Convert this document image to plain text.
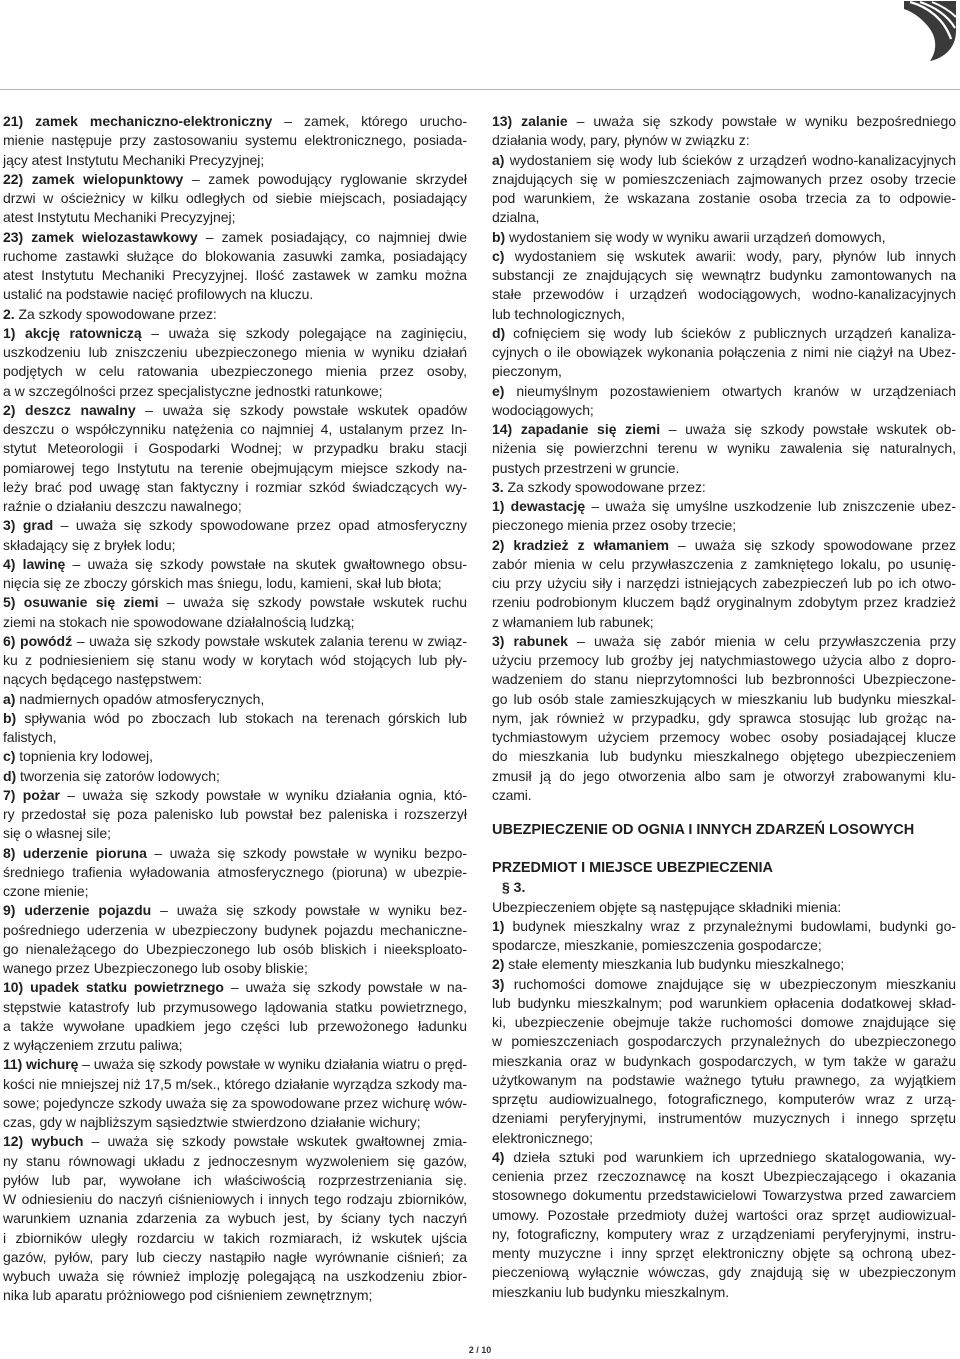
21) zamek mechaniczno-elektroniczny – zamek, którego urucho-
mienie następuje przy zastosowaniu systemu elektronicznego, posiada-
jący atest Instytutu Mechaniki Precyzyjnej;
22) zamek wielopunktowy – zamek powodujący ryglowanie skrzydeł
drzwi w ościeżnicy w kilku odległych od siebie miejscach, posiadający
atest Instytutu Mechaniki Precyzyjnej;
23) zamek wielozastawkowy – zamek posiadający, co najmniej dwie
ruchome zastawki służące do blokowania zasuwki zamka, posiadający
atest Instytutu Mechaniki Precyzyjnej. Ilość zastawek w zamku można
ustalić na podstawie nacięć profilowych na kluczu.
2. Za szkody spowodowane przez:
1) akcję ratowniczą – uważa się szkody polegające na zaginięciu,
uszkodzeniu lub zniszczeniu ubezpieczonego mienia w wyniku działań
podjętych w celu ratowania ubezpieczonego mienia przez osoby,
a w szczególności przez specjalistyczne jednostki ratunkowe;
2) deszcz nawalny – uważa się szkody powstałe wskutek opadów
deszczu o współczynniku natężenia co najmniej 4, ustalanym przez In-
stytut Meteorologii i Gospodarki Wodnej; w przypadku braku stacji
pomiarowej tego Instytutu na terenie obejmującym miejsce szkody na-
leży brać pod uwagę stan faktyczny i rozmiar szkód świadczących wy-
raźnie o działaniu deszczu nawalnego;
3) grad – uważa się szkody spowodowane przez opad atmosferyczny
składający się z bryłek lodu;
4) lawinę – uważa się szkody powstałe na skutek gwałtownego obsu-
nięcia się ze zboczy górskich mas śniegu, lodu, kamieni, skał lub błota;
5) osuwanie się ziemi – uważa się szkody powstałe wskutek ruchu
ziemi na stokach nie spowodowane działalnością ludzką;
6) powódź – uważa się szkody powstałe wskutek zalania terenu w związ-
ku z podniesieniem się stanu wody w korytach wód stojących lub pły-
nących będącego następstwem:
a) nadmiernych opadów atmosferycznych,
b) spływania wód po zboczach lub stokach na terenach górskich lub
falistych,
c) topnienia kry lodowej,
d) tworzenia się zatorów lodowych;
7) pożar – uważa się szkody powstałe w wyniku działania ognia, któ-
ry przedostał się poza palenisko lub powstał bez paleniska i rozszerzył
się o własnej sile;
8) uderzenie pioruna – uważa się szkody powstałe w wyniku bezpo-
średniego trafienia wyładowania atmosferycznego (pioruna) w ubezpie-
czone mienie;
9) uderzenie pojazdu – uważa się szkody powstałe w wyniku bez-
pośredniego uderzenia w ubezpieczony budynek pojazdu mechaniczne-
go nienależącego do Ubezpieczonego lub osób bliskich i nieeksploato-
wanego przez Ubezpieczonego lub osoby bliskie;
10) upadek statku powietrznego – uważa się szkody powstałe w na-
stępstwie katastrofy lub przymusowego lądowania statku powietrznego,
a także wywołane upadkiem jego części lub przewożonego ładunku
z wyłączeniem zrzutu paliwa;
11) wichurę – uważa się szkody powstałe w wyniku działania wiatru o pręd-
kości nie mniejszej niż 17,5 m/sek., którego działanie wyrządza szkody ma-
sowe; pojedyncze szkody uważa się za spowodowane przez wichurę wów-
czas, gdy w najbliższym sąsiedztwie stwierdzono działanie wichury;
12) wybuch – uważa się szkody powstałe wskutek gwałtownej zmia-
ny stanu równowagi układu z jednoczesnym wyzwoleniem się gazów,
pyłów lub par, wywołane ich właściwością rozprzestrzeniania się.
W odniesieniu do naczyń ciśnieniowych i innych tego rodzaju zbiorników,
warunkiem uznania zdarzenia za wybuch jest, by ściany tych naczyń
i zbiorników uległy rozdarciu w takich rozmiarach, iż wskutek ujścia
gazów, pyłów, pary lub cieczy nastąpiło nagłe wyrównanie ciśnień; za
wybuch uważa się również implozję polegającą na uszkodzeniu zbior-
nika lub aparatu próżniowego pod ciśnieniem zewnętrznym;
13) zalanie – uważa się szkody powstałe w wyniku bezpośredniego
działania wody, pary, płynów w związku z:
a) wydostaniem się wody lub ścieków z urządzeń wodno-kanalizacyjnych
znajdujących się w pomieszczeniach zajmowanych przez osoby trzecie
pod warunkiem, że wskazana zostanie osoba trzecia za to odpowie-
dzialna,
b) wydostaniem się wody w wyniku awarii urządzeń domowych,
c) wydostaniem się wskutek awarii: wody, pary, płynów lub innych
substancji ze znajdujących się wewnątrz budynku zamontowanych na
stałe przewodów i urządzeń wodociągowych, wodno-kanalizacyjnych
lub technologicznych,
d) cofnięciem się wody lub ścieków z publicznych urządzeń kanaliza-
cyjnych o ile obowiązek wykonania połączenia z nimi nie ciążył na Ubez-
pieczonym,
e) nieumyślnym pozostawieniem otwartych kranów w urządzeniach
wodociągowych;
14) zapadanie się ziemi – uważa się szkody powstałe wskutek ob-
niżenia się powierzchni terenu w wyniku zawalenia się naturalnych,
pustych przestrzeni w gruncie.
3. Za szkody spowodowane przez:
1) dewastację – uważa się umyślne uszkodzenie lub zniszczenie ubez-
pieczonego mienia przez osoby trzecie;
2) kradzież z włamaniem – uważa się szkody spowodowane przez
zabór mienia w celu przywłaszczenia z zamkniętego lokalu, po usunię-
ciu przy użyciu siły i narzędzi istniejących zabezpieczeń lub po ich otwo-
rzeniu podrobionym kluczem bądź oryginalnym zdobytym przez kradzież
z włamaniem lub rabunek;
3) rabunek – uważa się zabór mienia w celu przywłaszczenia przy
użyciu przemocy lub groźby jej natychmiastowego użycia albo z dopro-
wadzeniem do stanu nieprzytomności lub bezbronności Ubezpieczone-
go lub osób stale zamieszkujących w mieszkaniu lub budynku mieszkal-
nym, jak również w przypadku, gdy sprawca stosując lub grożąc na-
tychmiastowym użyciem przemocy wobec osoby posiadającej klucze
do mieszkania lub budynku mieszkalnego objętego ubezpieczeniem
zmusił ją do jego otworzenia albo sam je otworzył zrabowanymi klu-
czami.
UBEZPIECZENIE OD OGNIA I INNYCH ZDARZEŃ LOSOWYCH
PRZEDMIOT I MIEJSCE UBEZPIECZENIA
§ 3.
Ubezpieczeniem objęte są następujące składniki mienia:
1) budynek mieszkalny wraz z przynależnymi budowlami, budynki go-
spodarcze, mieszkanie, pomieszczenia gospodarcze;
2) stałe elementy mieszkania lub budynku mieszkalnego;
3) ruchomości domowe znajdujące się w ubezpieczonym mieszkaniu
lub budynku mieszkalnym; pod warunkiem opłacenia dodatkowej skład-
ki, ubezpieczenie obejmuje także ruchomości domowe znajdujące się
w pomieszczeniach gospodarczych przynależnych do ubezpieczonego
mieszkania oraz w budynkach gospodarczych, w tym także w garażu
użytkowanym na podstawie ważnego tytułu prawnego, za wyjątkiem
sprzętu audiowizualnego, fotograficznego, komputerów wraz z urzą-
dzeniami peryferyjnymi, instrumentów muzycznych i innego sprzętu
elektronicznego;
4) dzieła sztuki pod warunkiem ich uprzedniego skatalogowania, wy-
cenienia przez rzeczoznawcę na koszt Ubezpieczającego i okazania
stosownego dokumentu przedstawicielowi Towarzystwa przed zawarciem
umowy. Pozostałe przedmioty dużej wartości oraz sprzęt audiowizual-
ny, fotograficzny, komputery wraz z urządzeniami peryferyjnymi, instru-
menty muzyczne i inny sprzęt elektroniczny objęte są ochroną ubez-
pieczeniową wyłącznie wówczas, gdy znajdują się w ubezpieczonym
mieszkaniu lub budynku mieszkalnym.
2 / 10
